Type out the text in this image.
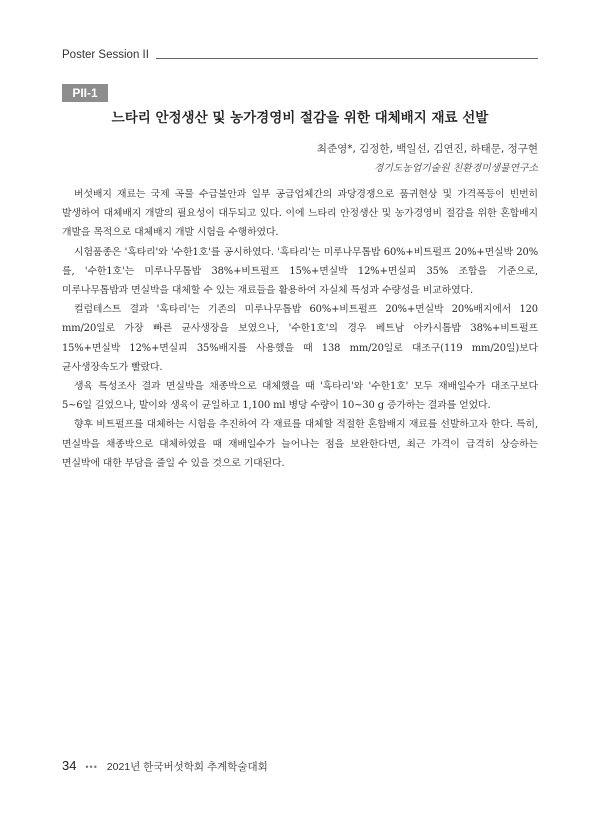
Poster Session II
PII-1
느타리 안정생산 및 농가경영비 절감을 위한 대체배지 재료 선발
최준영*, 김정한, 백일선, 김연진, 하태문, 정구현
경기도농업기술원 친환경미생물연구소

버섯배지 재료는 국제 곡물 수급불안과 일부 공급업체간의 과당경쟁으로 품귀현상 및 가격폭등이 빈번히 발생하여 대체배지 개발의 필요성이 대두되고 있다. 이에 느타리 안정생산 및 농가경영비 절감을 위한 혼합배지 개발을 목적으로 대체배지 개발 시험을 수행하였다.

시험품종은 '흑타리'와 '수한1호'를 공시하였다. '흑타리'는 미루나무톱밥 60%+비트펄프 20%+면실박 20%를, '수한1호'는 미루나무톱밥 38%+비트펄프 15%+면실박 12%+면실피 35% 조합을 기준으로, 미루나무톱밥과 면실박을 대체할 수 있는 재료들을 활용하여 자실체 특성과 수량성을 비교하였다.

컬럼테스트 결과 '흑타리'는 기존의 미루나무톱밥 60%+비트펄프 20%+면실박 20%배지에서 120 mm/20일로 가장 빠른 균사생장을 보였으나, '수한1호'의 경우 베트남 아카시톱밥 38%+비트펄프 15%+면실박 12%+면실피 35%배지를 사용했을 때 138 mm/20일로 대조구(119 mm/20일)보다 균사생장속도가 빨랐다.

생육 특성조사 결과 면실박을 채종박으로 대체했을 때 '흑타리'와 '수한1호' 모두 재배일수가 대조구보다 5~6일 길었으나, 발이와 생육이 균일하고 1,100 ml 병당 수량이 10~30 g 증가하는 결과를 얻었다.

향후 비트펄프를 대체하는 시험을 추진하여 각 재료를 대체할 적절한 혼합배지 재료를 선발하고자 한다. 특히, 면실박을 채종박으로 대체하였을 때 재배일수가 늘어나는 점을 보완한다면, 최근 가격이 급격히 상승하는 면실박에 대한 부담을 줄일 수 있을 것으로 기대된다.

34 ••• 2021년 한국버섯학회 추계학술대회
